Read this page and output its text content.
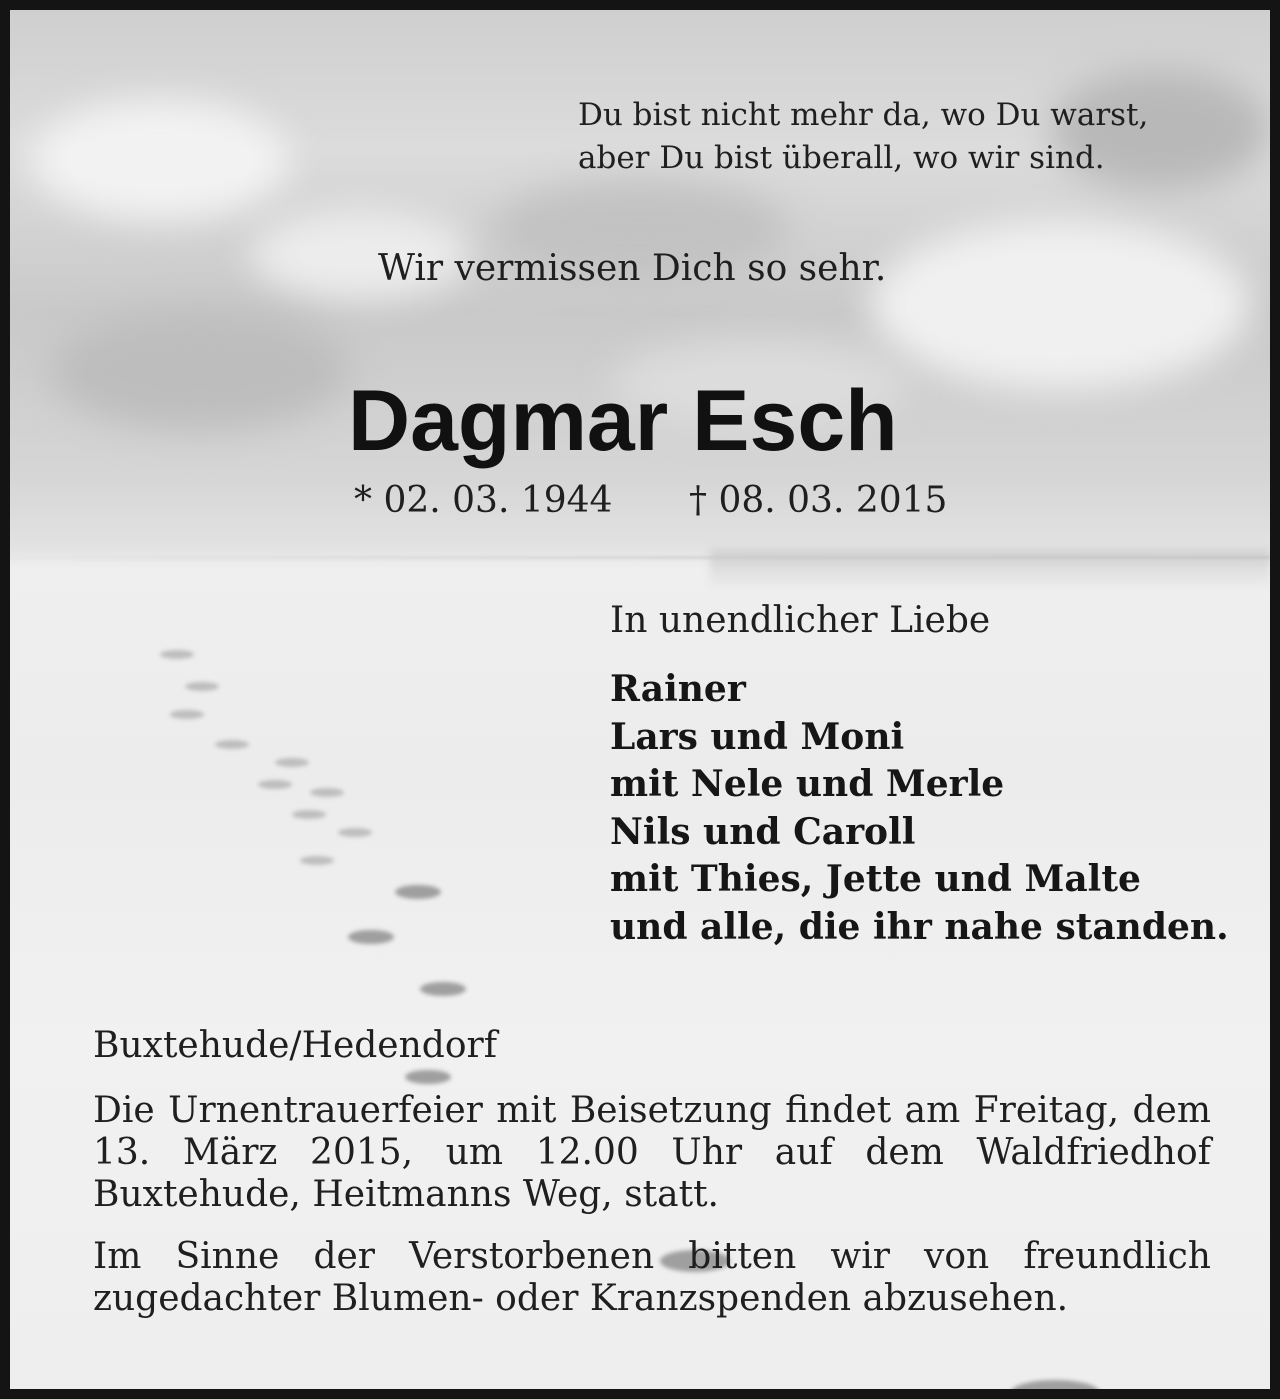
Du bist nicht mehr da, wo Du warst,
aber Du bist überall, wo wir sind.
Wir vermissen Dich so sehr.
Dagmar Esch
* 02. 03. 1944 † 08. 03. 2015
In unendlicher Liebe
Rainer
Lars und Moni
mit Nele und Merle
Nils und Caroll
mit Thies, Jette und Malte
und alle, die ihr nahe standen.
Buxtehude/Hedendorf
Die Urnentrauerfeier mit Beisetzung findet am Freitag, dem 13. März 2015, um 12.00 Uhr auf dem Waldfriedhof Buxtehude, Heitmanns Weg, statt.
Im Sinne der Verstorbenen bitten wir von freundlich zugedachter Blumen- oder Kranzspenden abzusehen.
